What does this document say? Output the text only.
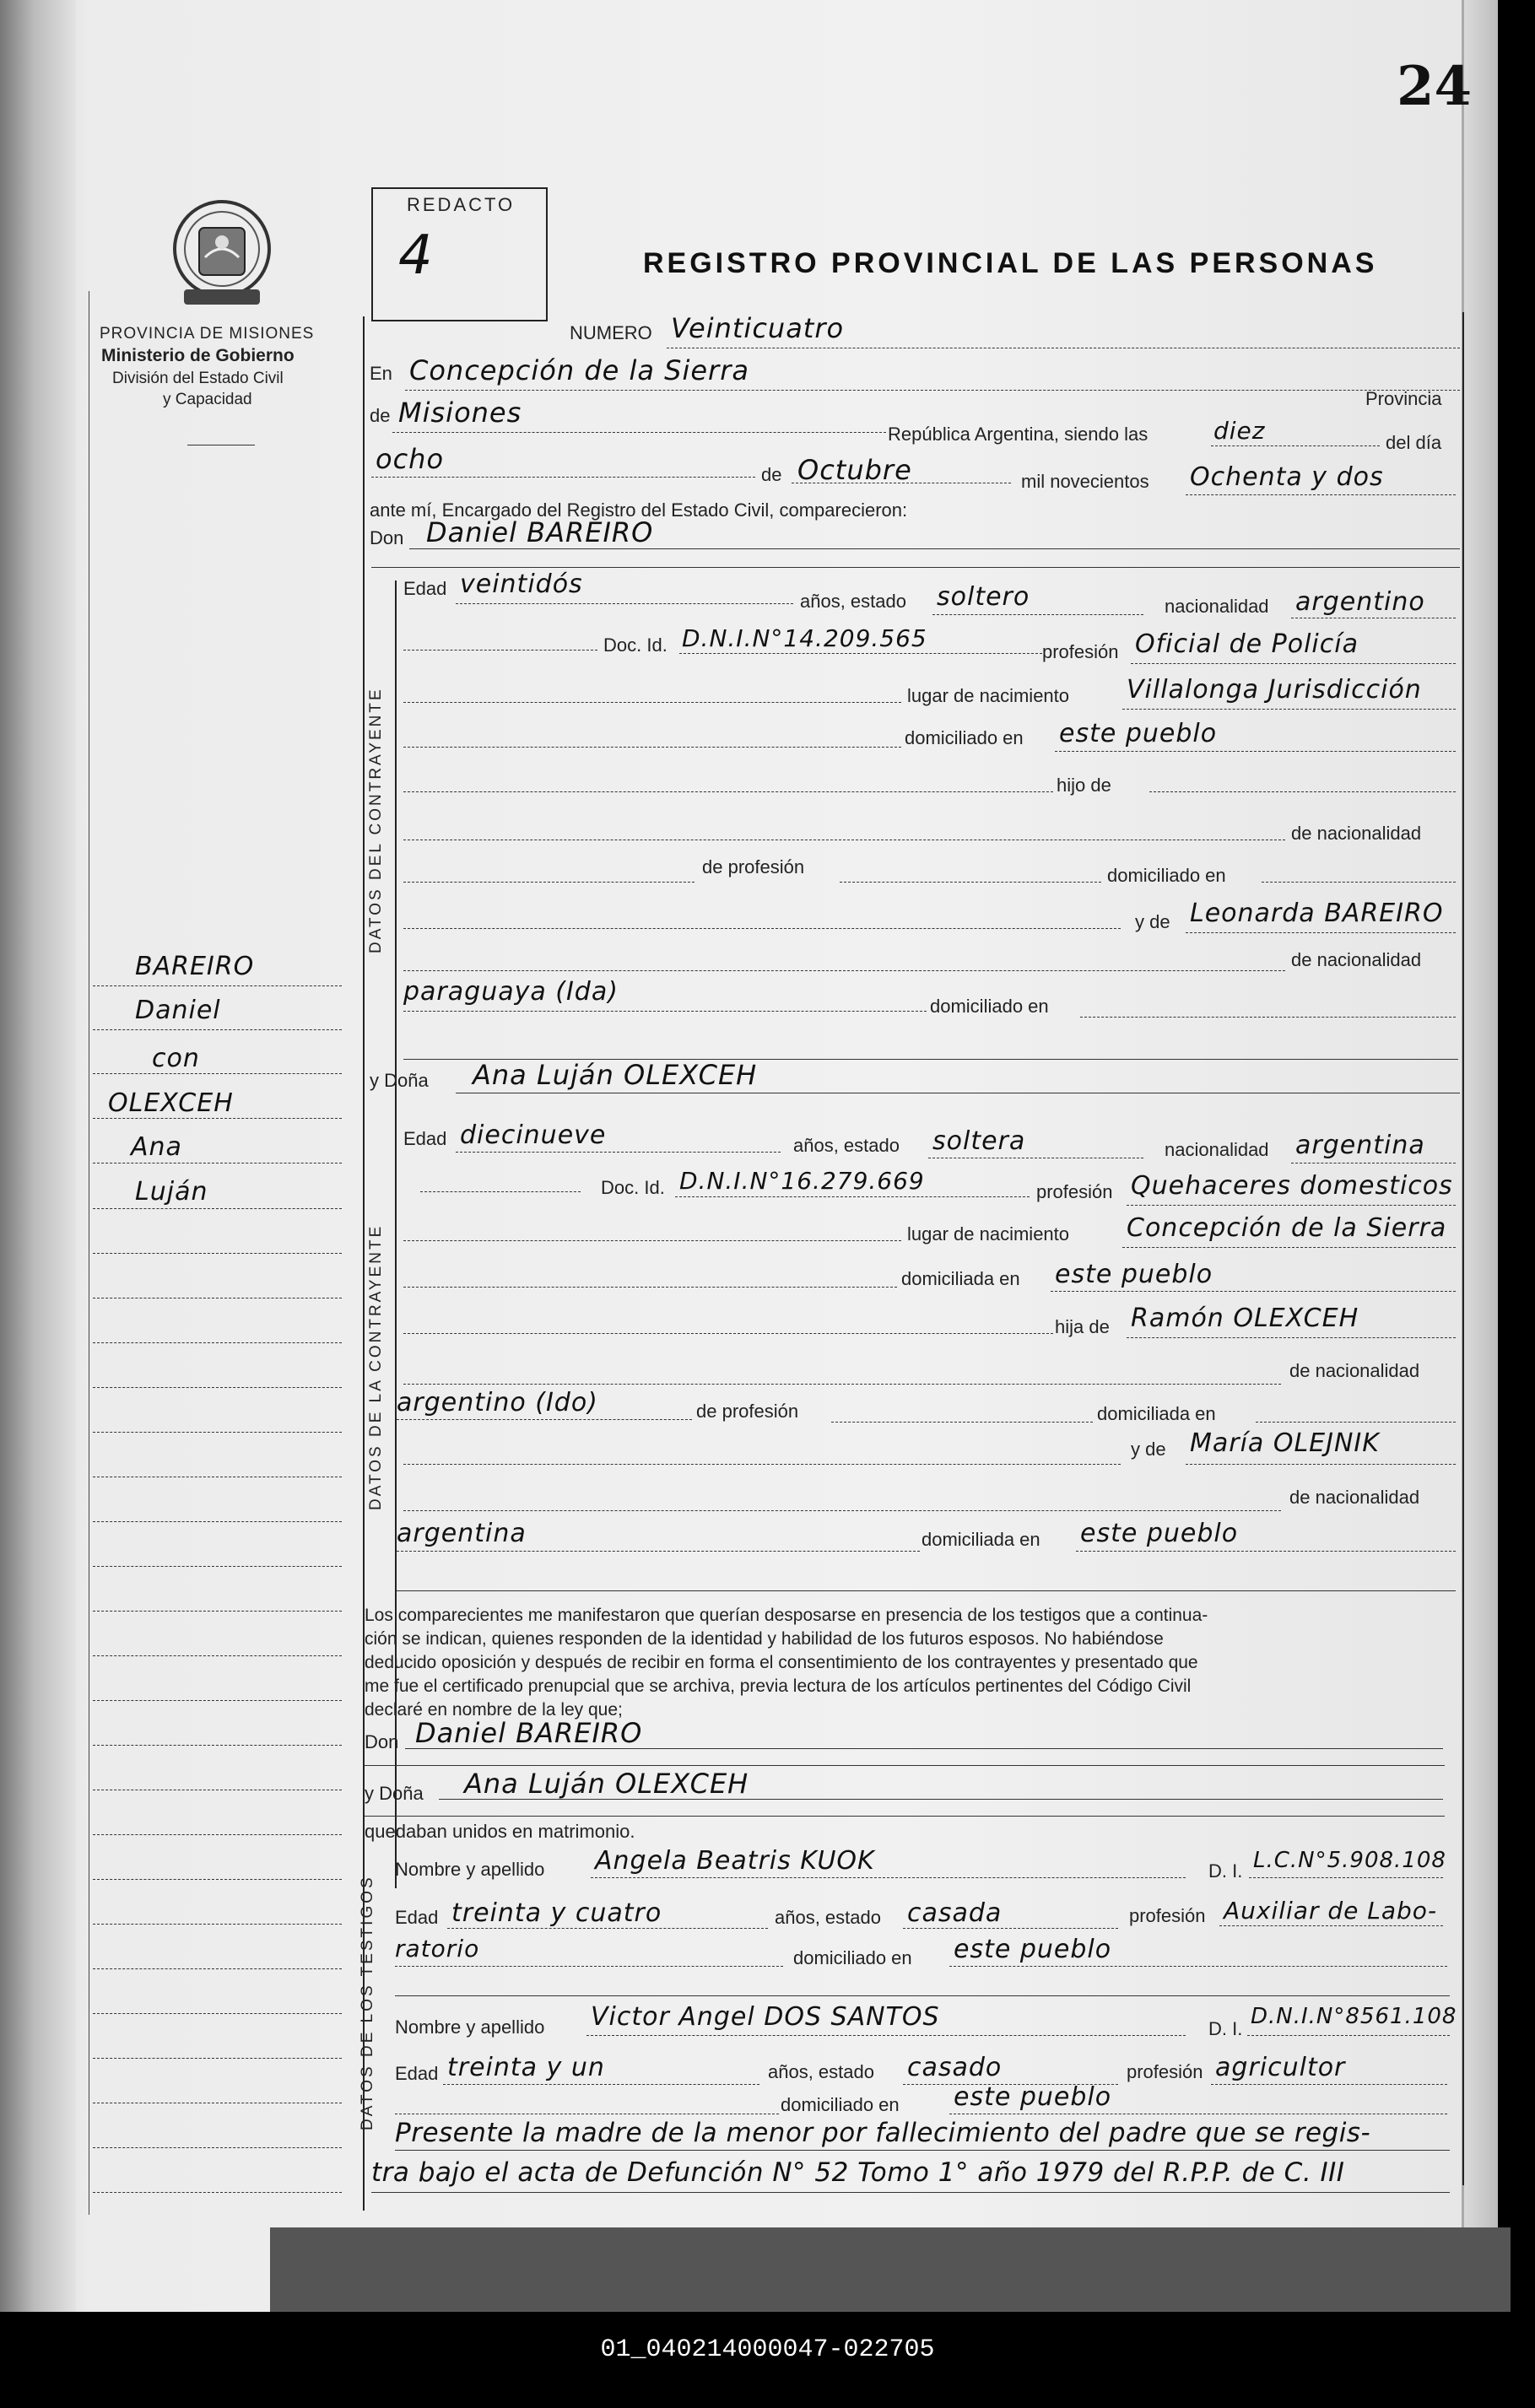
24
PROVINCIA DE MISIONES
Ministerio de Gobierno
División del Estado Civil
y Capacidad
BAREIRO
Daniel
con
OLEXCEH
Ana
Luján
REDACTO
4	REGISTRO PROVINCIAL DE LAS PERSONAS
NUMERO Veinticuatro
En Concepción de la Sierra
de Misiones	Provincia
República Argentina, siendo las	diez	del día
ocho	de Octubre	mil novecientos Ochenta y dos
ante mí, Encargado del Registro del Estado Civil, comparecieron:
Don Daniel BAREIRO
DATOS DEL CONTRAYENTE
Edad veintidós
años, estado soltero	nacionalidad argentino
Doc. Id. D.N.I.N°14.209.565	profesión Oficial de Policía
lugar de nacimiento Villalonga Jurisdicción
domiciliado en este pueblo
hijo de
de nacionalidad
de profesión	domiciliado en
y de Leonarda BAREIRO
de nacionalidad
paraguaya (Ida)	domiciliado en
y Doña Ana Luján OLEXCEH
DATOS DE LA CONTRAYENTE
Edad diecinueve	años, estado soltera	nacionalidad argentina
Doc. Id. D.N.I.N°16.279.669	profesión Quehaceres domesticos
lugar de nacimiento Concepción de la Sierra
domiciliada en este pueblo
hija de Ramón OLEXCEH
de nacionalidad
argentino (Ido)	de profesión	domiciliada en
y de María OLEJNIK
de nacionalidad
argentina	domiciliada en este pueblo
Los comparecientes me manifestaron que querían desposarse en presencia de los testigos que a continua-
ción se indican, quienes responden de la identidad y habilidad de los futuros esposos. No habiéndose
deducido oposición y después de recibir en forma el consentimiento de los contrayentes y presentado que
me fue el certificado prenupcial que se archiva, previa lectura de los artículos pertinentes del Código Civil
declaré en nombre de la ley que;
Don Daniel BAREIRO
y Doña Ana Luján OLEXCEH
quedaban unidos en matrimonio.
DATOS DE LOS TESTIGOS
Nombre y apellido Angela Beatris KUOK	D. I. L.C.N°5.908.108
Edad treinta y cuatro	años, estado casada	profesión Auxiliar de Labo-
ratorio	domiciliado en este pueblo
Nombre y apellido Victor Angel DOS SANTOS	D. I. D.N.I.N°8561.108
Edad treinta y un	años, estado casado	profesión agricultor
domiciliado en este pueblo
Presente la madre de la menor por fallecimiento del padre que se regis-
tra bajo el acta de Defunción N° 52 Tomo 1° año 1979 del R.P.P. de C. III
01_040214000047-022705
